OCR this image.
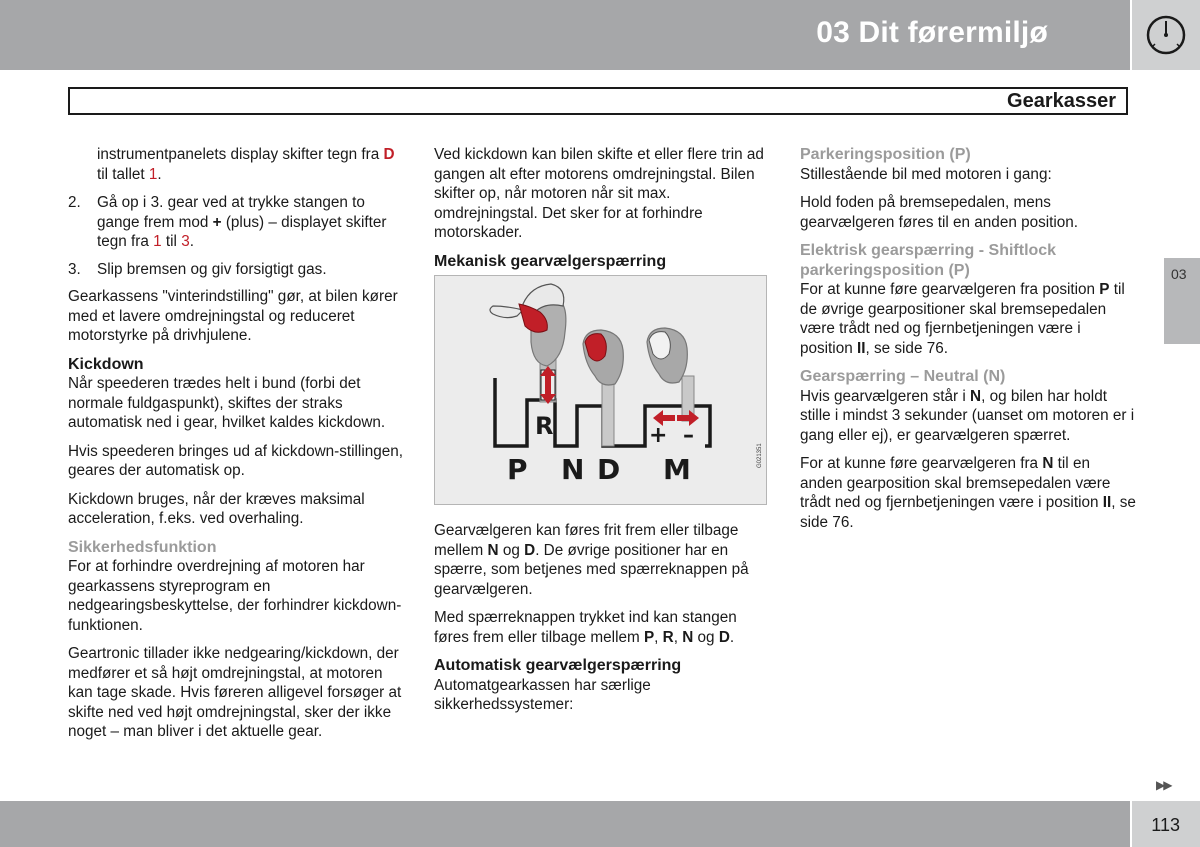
03 Dit førermiljø
Gearkasser
03

instrumentpanelets display skifter tegn fra D til tallet 1.

2. Gå op i 3. gear ved at trykke stangen to gange frem mod + (plus) – displayet skifter tegn fra 1 til 3.
3. Slip bremsen og giv forsigtigt gas.

Gearkassens "vinterindstilling" gør, at bilen kører med et lavere omdrejningstal og reduceret motorstyrke på drivhjulene.

Kickdown

Når speederen trædes helt i bund (forbi det normale fuldgaspunkt), skiftes der straks automatisk ned i gear, hvilket kaldes kickdown.

Hvis speederen bringes ud af kickdown-stillingen, geares der automatisk op.

Kickdown bruges, når der kræves maksimal acceleration, f.eks. ved overhaling.

Sikkerhedsfunktion

For at forhindre overdrejning af motoren har gearkassens styreprogram en nedgearingsbeskyttelse, der forhindrer kickdown-funktionen.

Geartronic tillader ikke nedgearing/kickdown, der medfører et så højt omdrejningstal, at motoren kan tage skade. Hvis føreren alligevel forsøger at skifte ned ved højt omdrejningstal, sker der ikke noget – man bliver i det aktuelle gear.

Ved kickdown kan bilen skifte et eller flere trin ad gangen alt efter motorens omdrejningstal. Bilen skifter op, når motoren når sit max. omdrejningstal. Det sker for at forhindre motorskader.

Mekanisk gearvælgerspærring
R	+ –
P N D M	G021351

Gearvælgeren kan føres frit frem eller tilbage mellem N og D. De øvrige positioner har en spærre, som betjenes med spærreknappen på gearvælgeren.

Med spærreknappen trykket ind kan stangen føres frem eller tilbage mellem P, R, N og D.

Automatisk gearvælgerspærring

Automatgearkassen har særlige sikkerhedssystemer:

Parkeringsposition (P)

Stillestående bil med motoren i gang:

Hold foden på bremsepedalen, mens gearvælgeren føres til en anden position.

Elektrisk gearspærring - Shiftlock parkeringsposition (P)

For at kunne føre gearvælgeren fra position P til de øvrige gearpositioner skal bremsepedalen være trådt ned og fjernbetjeningen være i position II, se side 76.

Gearspærring – Neutral (N)

Hvis gearvælgeren står i N, og bilen har holdt stille i mindst 3 sekunder (uanset om motoren er i gang eller ej), er gearvælgeren spærret.

For at kunne føre gearvælgeren fra N til en anden gearposition skal bremsepedalen være trådt ned og fjernbetjeningen være i position II, se side 76.

▶▶
113
